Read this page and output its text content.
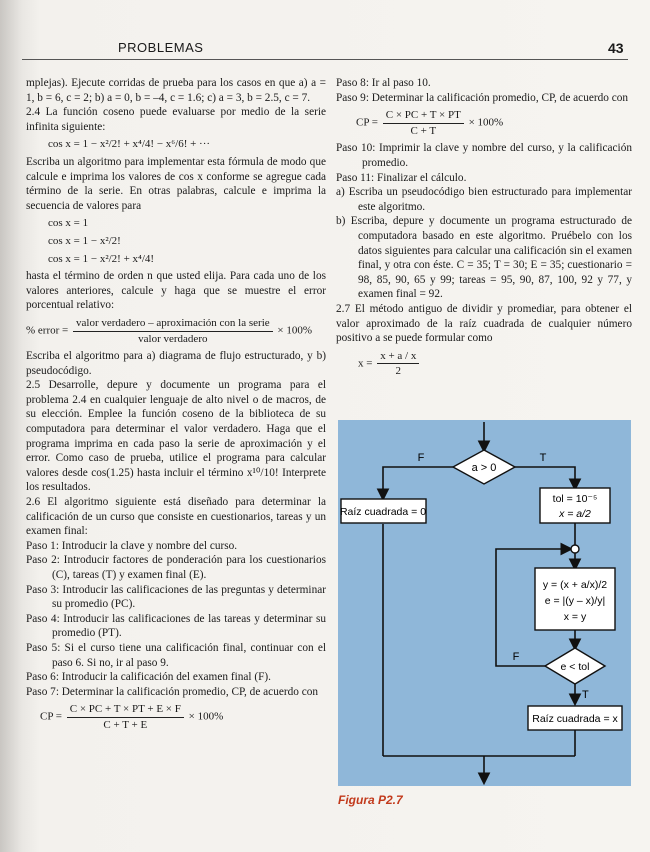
PROBLEMAS	43

mplejas). Ejecute corridas de prueba para los casos en que a) a = 1, b = 6, c = 2; b) a = 0, b = –4, c = 1.6; c) a = 3, b = 2.5, c = 7.

2.4 La función coseno puede evaluarse por medio de la serie infinita siguiente:

cos x = 1 − x²/2! + x⁴/4! − x⁶/6! + ···

Escriba un algoritmo para implementar esta fórmula de modo que calcule e imprima los valores de cos x conforme se agregue cada término de la serie. En otras palabras, calcule e imprima la secuencia de valores para

cos x = 1
cos x = 1 − x²/2!
cos x = 1 − x²/2! + x⁴/4!

hasta el término de orden n que usted elija. Para cada uno de los valores anteriores, calcule y haga que se muestre el error porcentual relativo:

% error = $\frac{\text{valor verdadero – aproximación con la serie}}{\text{valor verdadero}} \times 100\%$

Escriba el algoritmo para a) diagrama de flujo estructurado, y b) pseudocódigo.

2.5 Desarrolle, depure y documente un programa para el problema 2.4 en cualquier lenguaje de alto nivel o de macros, de su elección. Emplee la función coseno de la biblioteca de su computadora para determinar el valor verdadero. Haga que el programa imprima en cada paso la serie de aproximación y el error. Como caso de prueba, utilice el programa para calcular valores desde cos(1.25) hasta incluir el término x¹⁰/10! Interprete los resultados.

2.6 El algoritmo siguiente está diseñado para determinar la calificación de un curso que consiste en cuestionarios, tareas y un examen final:

Paso 1: Introducir la clave y nombre del curso.

Paso 2: Introducir factores de ponderación para los cuestionarios (C), tareas (T) y examen final (E).

Paso 3: Introducir las calificaciones de las preguntas y determinar su promedio (PC).

Paso 4: Introducir las calificaciones de las tareas y determinar su promedio (PT).

Paso 5: Si el curso tiene una calificación final, continuar con el paso 6. Si no, ir al paso 9.

Paso 6: Introducir la calificación del examen final (F).

Paso 7: Determinar la calificación promedio, CP, de acuerdo con

CP = $\frac{C \times PC + T \times PT + E \times F}{C + T + E} \times 100\%$

Paso 8: Ir al paso 10.

Paso 9: Determinar la calificación promedio, CP, de acuerdo con

CP = $\frac{C \times PC + T \times PT}{C + T} \times 100\%$

Paso 10: Imprimir la clave y nombre del curso, y la calificación promedio.

Paso 11: Finalizar el cálculo.

a) Escriba un pseudocódigo bien estructurado para implementar este algoritmo.

b) Escriba, depure y documente un programa estructurado de computadora basado en este algoritmo. Pruébelo con los datos siguientes para calcular una calificación sin el examen final, y otra con éste. C = 35; T = 30; E = 35; cuestionario = 98, 85, 90, 65 y 99; tareas = 95, 90, 87, 100, 92 y 77, y examen final = 92.

2.7 El método antiguo de dividir y promediar, para obtener el valor aproximado de la raíz cuadrada de cualquier número positivo a se puede formular como

$x = \frac{x + a / x}{2}$
a > 0
F	T
Raíz cuadrada = 0
tol = 10⁻⁵
x = a/2
y = (x + a/x)/2
e = |(y – x)/y|
x = y
e < tol
F
T
Raíz cuadrada = x
Figura P2.7
